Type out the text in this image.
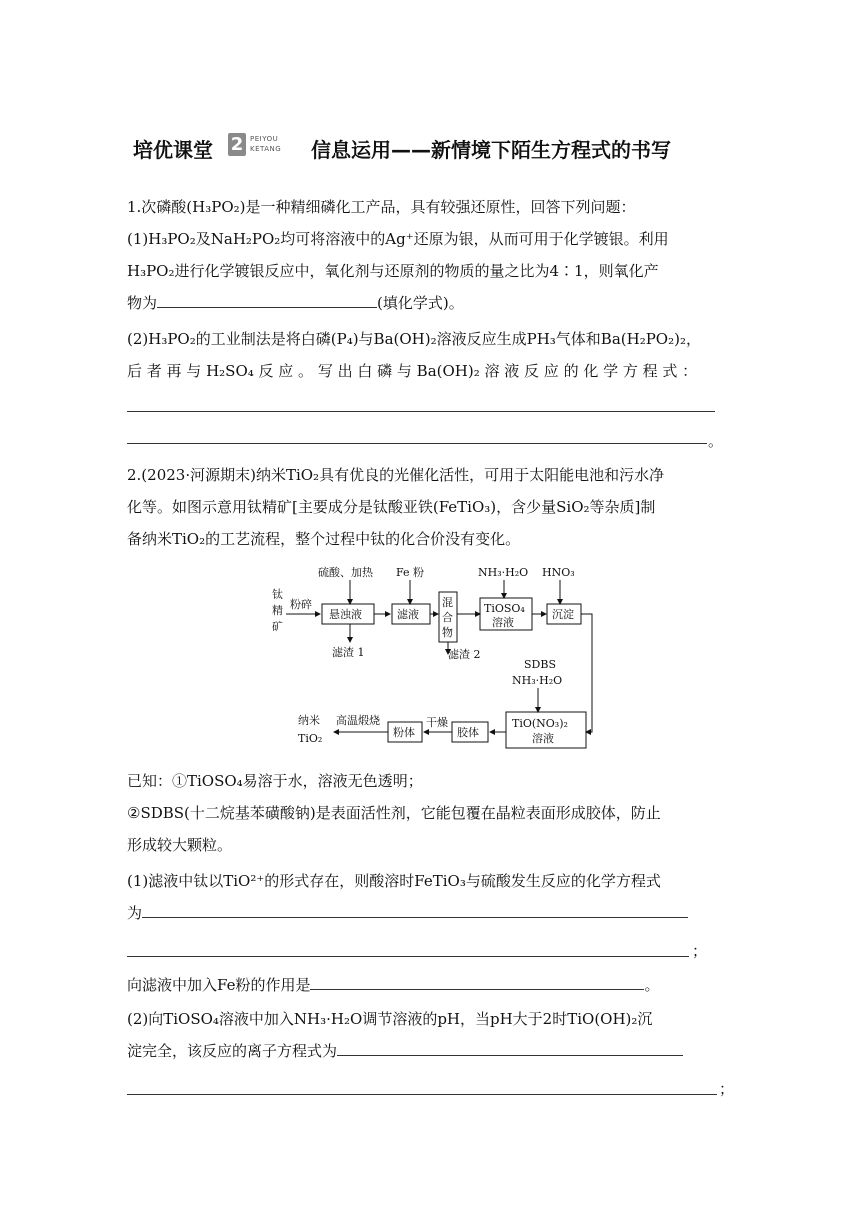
培优课堂 2 PEIYOU
KETANG 信息运用——新情境下陌生方程式的书写
1.次磷酸(H₃PO₂)是一种精细磷化工产品，具有较强还原性，回答下列问题：
(1)H₃PO₂及NaH₂PO₂均可将溶液中的Ag⁺还原为银，从而可用于化学镀银。利用
H₃PO₂进行化学镀银反应中，氧化剂与还原剂的物质的量之比为4∶1，则氧化产
物为	(填化学式)。
(2)H₃PO₂的工业制法是将白磷(P₄)与Ba(OH)₂溶液反应生成PH₃气体和Ba(H₂PO₂)₂，
后 者 再 与 H₂SO₄ 反 应 。 写 出 白 磷 与 Ba(OH)₂ 溶 液 反 应 的 化 学 方 程 式 ：
。
2.(2023·河源期末)纳米TiO₂具有优良的光催化活性，可用于太阳能电池和污水净
化等。如图示意用钛精矿[主要成分是钛酸亚铁(FeTiO₃)，含少量SiO₂等杂质]制
备纳米TiO₂的工艺流程，整个过程中钛的化合价没有变化。
钛
精
矿
粉碎
硫酸、加热
悬浊液
滤渣 1
Fe 粉
滤液
混
合
物
滤渣 2
NH₃·H₂O
TiOSO₄
溶液
HNO₃
沉淀
SDBS
NH₃·H₂O
TiO(NO₃)₂
溶液
胶体
干燥
粉体
高温煅烧
纳米
TiO₂
已知：①TiOSO₄易溶于水，溶液无色透明；
②SDBS(十二烷基苯磺酸钠)是表面活性剂，它能包覆在晶粒表面形成胶体，防止
形成较大颗粒。
(1)滤液中钛以TiO²⁺的形式存在，则酸溶时FeTiO₃与硫酸发生反应的化学方程式
为
；
向滤液中加入Fe粉的作用是	。
(2)向TiOSO₄溶液中加入NH₃·H₂O调节溶液的pH，当pH大于2时TiO(OH)₂沉
淀完全，该反应的离子方程式为
；
